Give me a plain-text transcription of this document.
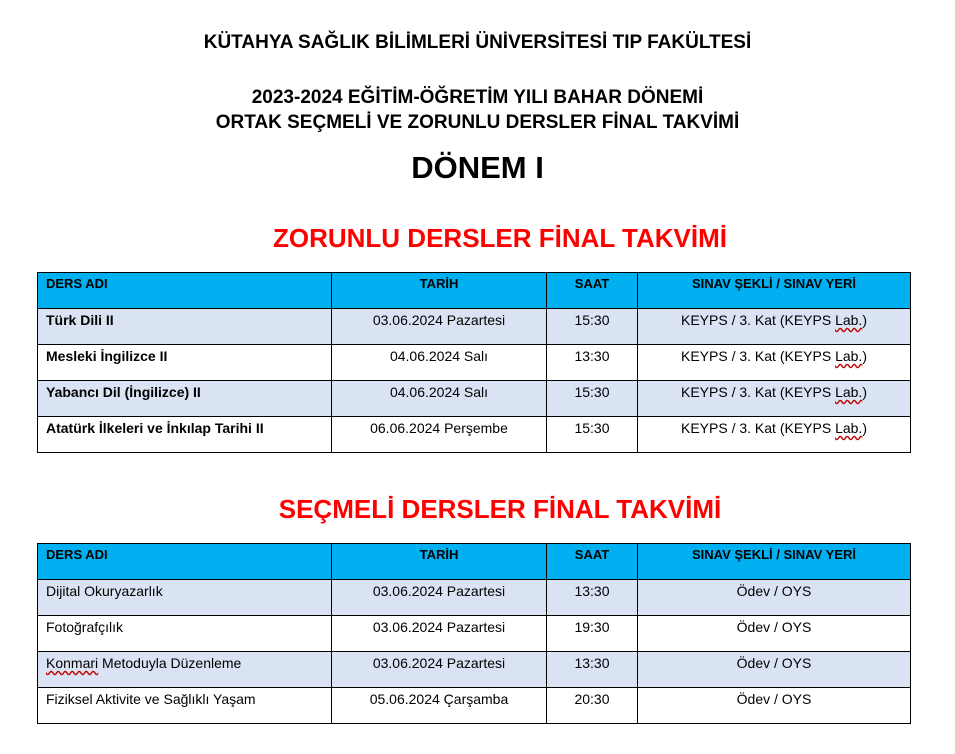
KÜTAHYA SAĞLIK BİLİMLERİ ÜNİVERSİTESİ TIP FAKÜLTESİ

2023-2024 EĞİTİM-ÖĞRETİM YILI BAHAR DÖNEMİ
ORTAK SEÇMELİ VE ZORUNLU DERSLER FİNAL TAKVİMİ

DÖNEM I

ZORUNLU DERSLER FİNAL TAKVİMİ

DERS ADI	TARİH	SAAT	SINAV ŞEKLİ / SINAV YERİ
Türk Dili II	03.06.2024 Pazartesi	15:30	KEYPS / 3. Kat (KEYPS Lab.)
Mesleki İngilizce II	04.06.2024 Salı	13:30	KEYPS / 3. Kat (KEYPS Lab.)
Yabancı Dil (İngilizce) II	04.06.2024 Salı	15:30	KEYPS / 3. Kat (KEYPS Lab.)
Atatürk İlkeleri ve İnkılap Tarihi II	06.06.2024 Perşembe	15:30	KEYPS / 3. Kat (KEYPS Lab.)

SEÇMELİ DERSLER FİNAL TAKVİMİ

DERS ADI	TARİH	SAAT	SINAV ŞEKLİ / SINAV YERİ
Dijital Okuryazarlık	03.06.2024 Pazartesi	13:30	Ödev / OYS
Fotoğrafçılık	03.06.2024 Pazartesi	19:30	Ödev / OYS
Konmari Metoduyla Düzenleme	03.06.2024 Pazartesi	13:30	Ödev / OYS
Fiziksel Aktivite ve Sağlıklı Yaşam	05.06.2024 Çarşamba	20:30	Ödev / OYS
